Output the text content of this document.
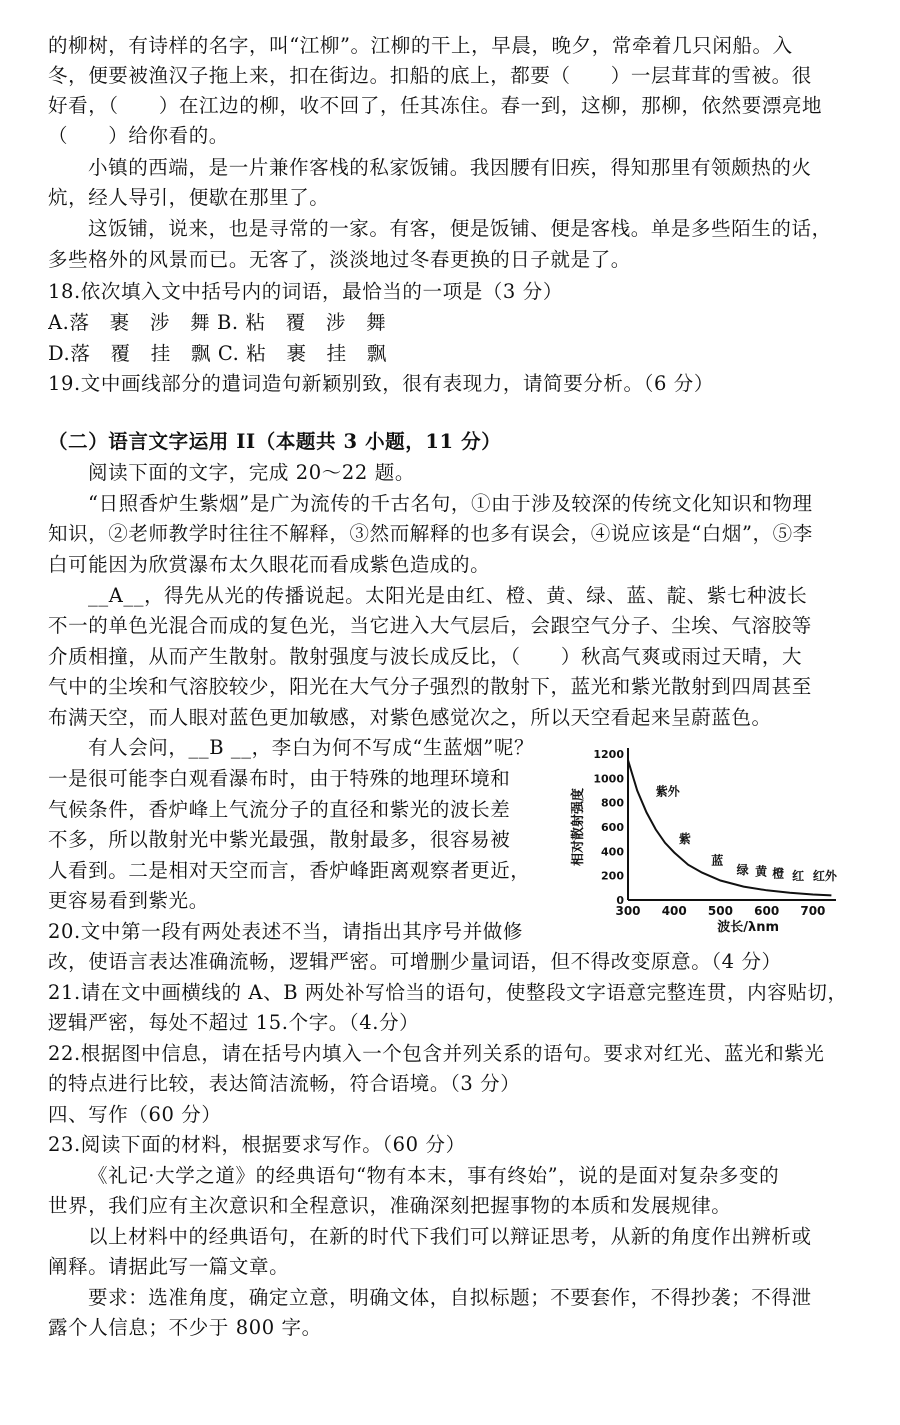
的柳树，有诗样的名字，叫“江柳”。江柳的干上，早晨，晚夕，常牵着几只闲船。入
冬，便要被渔汉子拖上来，扣在街边。扣船的底上，都要（　　）一层茸茸的雪被。很
好看，（　　）在江边的柳，收不回了，任其冻住。春一到，这柳，那柳，依然要漂亮地
（　　）给你看的。
小镇的西端，是一片兼作客栈的私家饭铺。我因腰有旧疾，得知那里有领颇热的火
炕，经人导引，便歇在那里了。
这饭铺，说来，也是寻常的一家。有客，便是饭铺、便是客栈。单是多些陌生的话，
多些格外的风景而已。无客了，淡淡地过冬春更换的日子就是了。
18.依次填入文中括号内的词语，最恰当的一项是（3 分）
A.落　裹　涉　舞 B. 粘　覆　涉　舞
D.落　覆　挂　飘 C. 粘　裹　挂　飘
19.文中画线部分的遣词造句新颖别致，很有表现力，请简要分析。（6 分）
（二）语言文字运用 II（本题共 3 小题，11 分）
阅读下面的文字，完成 20～22 题。
“日照香炉生紫烟”是广为流传的千古名句，①由于涉及较深的传统文化知识和物理
知识，②老师教学时往往不解释，③然而解释的也多有误会，④说应该是“白烟”，⑤李
白可能因为欣赏瀑布太久眼花而看成紫色造成的。
__A__，得先从光的传播说起。太阳光是由红、橙、黄、绿、蓝、靛、紫七种波长
不一的单色光混合而成的复色光，当它进入大气层后，会跟空气分子、尘埃、气溶胶等
介质相撞，从而产生散射。散射强度与波长成反比，（　　）秋高气爽或雨过天晴，大
气中的尘埃和气溶胶较少，阳光在大气分子强烈的散射下，蓝光和紫光散射到四周甚至
布满天空，而人眼对蓝色更加敏感，对紫色感觉次之，所以天空看起来呈蔚蓝色。
有人会问，__B __，李白为何不写成“生蓝烟”呢？
一是很可能李白观看瀑布时，由于特殊的地理环境和
气候条件，香炉峰上气流分子的直径和紫光的波长差
不多，所以散射光中紫光最强，散射最多，很容易被
人看到。二是相对天空而言，香炉峰距离观察者更近，
更容易看到紫光。
20.文中第一段有两处表述不当，请指出其序号并做修
改，使语言表达准确流畅，逻辑严密。可增删少量词语，但不得改变原意。（4 分）
21.请在文中画横线的 A、B 两处补写恰当的语句，使整段文字语意完整连贯，内容贴切，
逻辑严密，每处不超过 15.个字。（4.分）
22.根据图中信息，请在括号内填入一个包含并列关系的语句。要求对红光、蓝光和紫光
的特点进行比较，表达简洁流畅，符合语境。（3 分）
四、写作（60 分）
23.阅读下面的材料，根据要求写作。（60 分）
《礼记·大学之道》的经典语句“物有本末，事有终始”，说的是面对复杂多变的
世界，我们应有主次意识和全程意识，准确深刻把握事物的本质和发展规律。
以上材料中的经典语句，在新的时代下我们可以辩证思考，从新的角度作出辨析或
阐释。请据此写一篇文章。
要求：选准角度，确定立意，明确文体，自拟标题；不要套作，不得抄袭；不得泄
露个人信息；不少于 800 字。
0
200
400
600
800
1000
1200
300 400 500 600 700
紫外
紫
蓝
绿 黄 橙 红 红外
相对散射强度
波长/λnm
